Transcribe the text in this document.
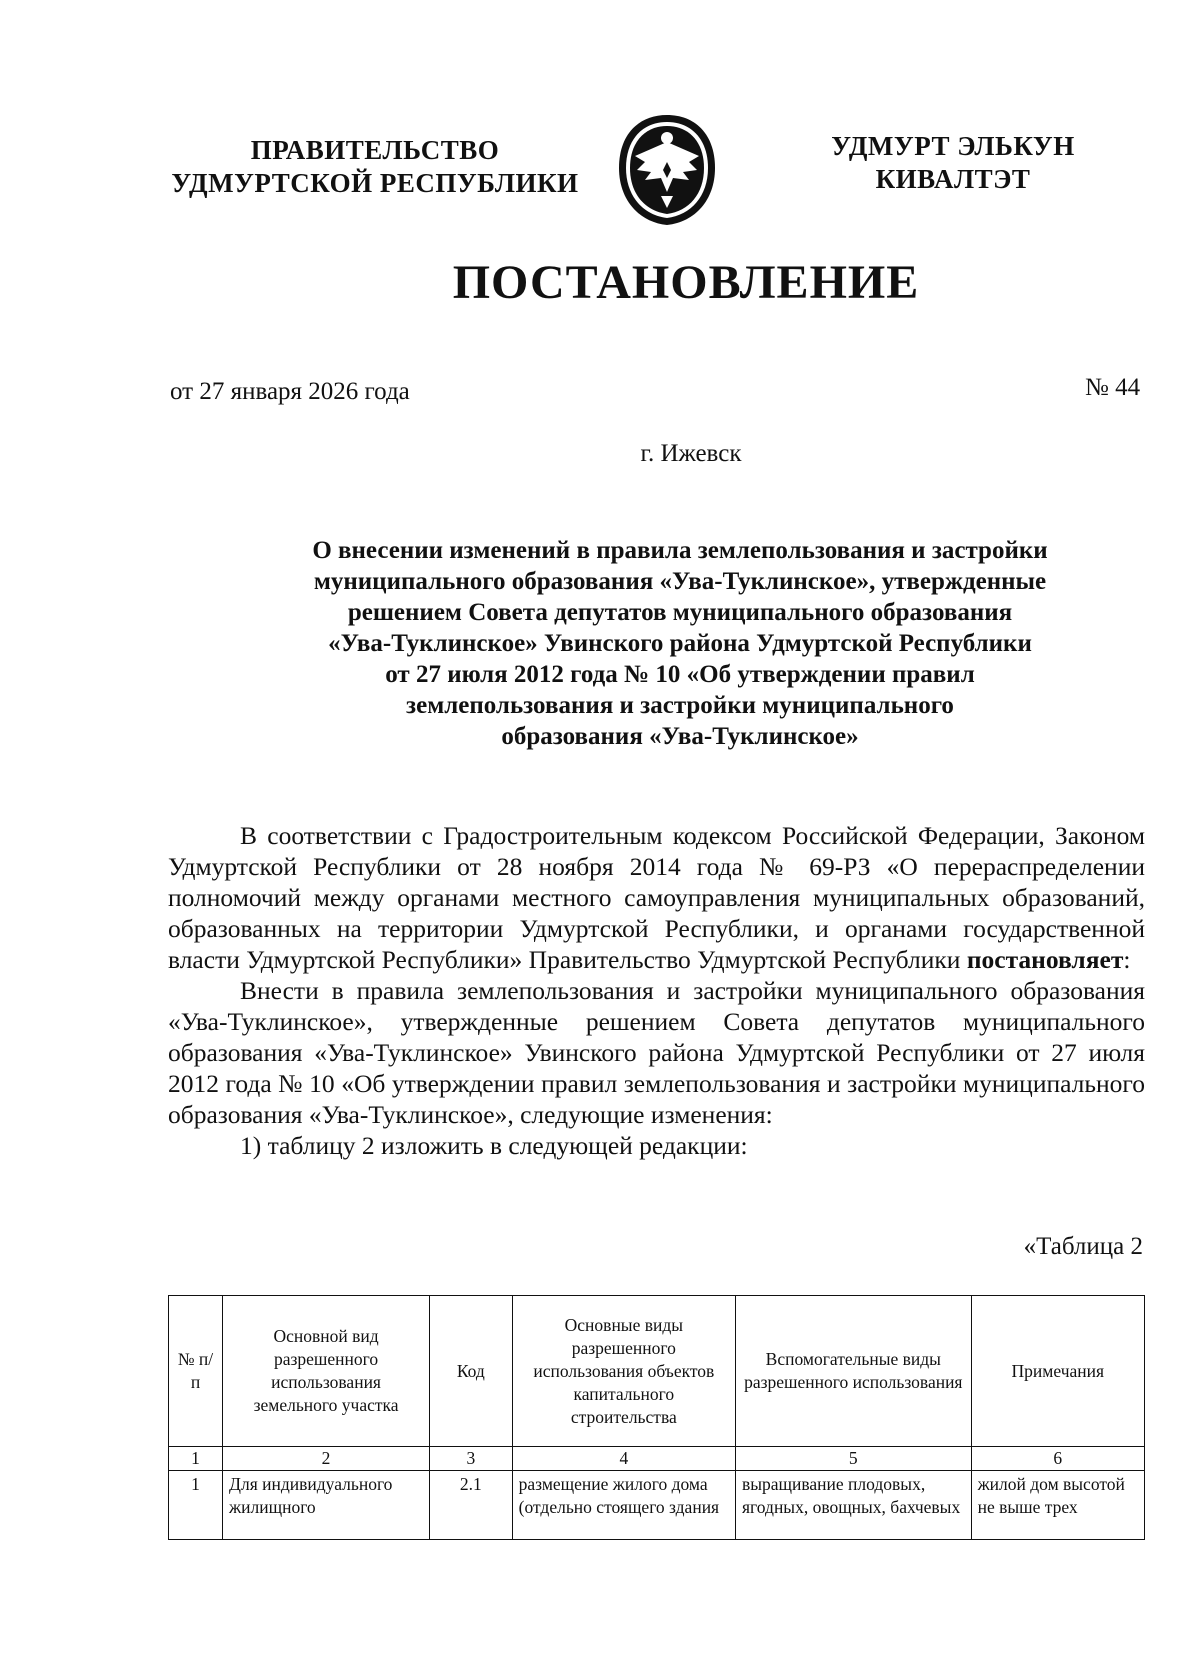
ПРАВИТЕЛЬСТВО
УДМУРТСКОЙ РЕСПУБЛИКИ
УДМУРТ ЭЛЬКУН
КИВАЛТЭТ
ПОСТАНОВЛЕНИЕ
от 27 января 2026 года	№ 44
г. Ижевск
О внесении изменений в правила землепользования и застройки
муниципального образования «Ува-Туклинское», утвержденные
решением Совета депутатов муниципального образования
«Ува-Туклинское» Увинского района Удмуртской Республики
от 27 июля 2012 года № 10 «Об утверждении правил
землепользования и застройки муниципального
образования «Ува-Туклинское»

В соответствии с Градостроительным кодексом Российской Федерации, Законом Удмуртской Республики от 28 ноября 2014 года № 69-РЗ «О перераспределении полномочий между органами местного самоуправления муниципальных образований, образованных на территории Удмуртской Республики, и органами государственной власти Удмуртской Республики» Правительство Удмуртской Республики постановляет:

Внести в правила землепользования и застройки муниципального образования «Ува-Туклинское», утвержденные решением Совета депутатов муниципального образования «Ува-Туклинское» Увинского района Удмуртской Республики от 27 июля 2012 года № 10 «Об утверждении правил землепользования и застройки муниципального образования «Ува-Туклинское», следующие изменения:

1) таблицу 2 изложить в следующей редакции:

«Таблица 2
№ п/п	Основной вид разрешенного использования земельного участка	Код	Основные виды разрешенного использования объектов капитального строительства	Вспомогательные виды разрешенного использования	Примечания
1	2	3	4	5	6
1	Для индивидуального жилищного	2.1	размещение жилого дома (отдельно стоящего здания	выращивание плодовых, ягодных, овощных, бахчевых	жилой дом высотой не выше трех
